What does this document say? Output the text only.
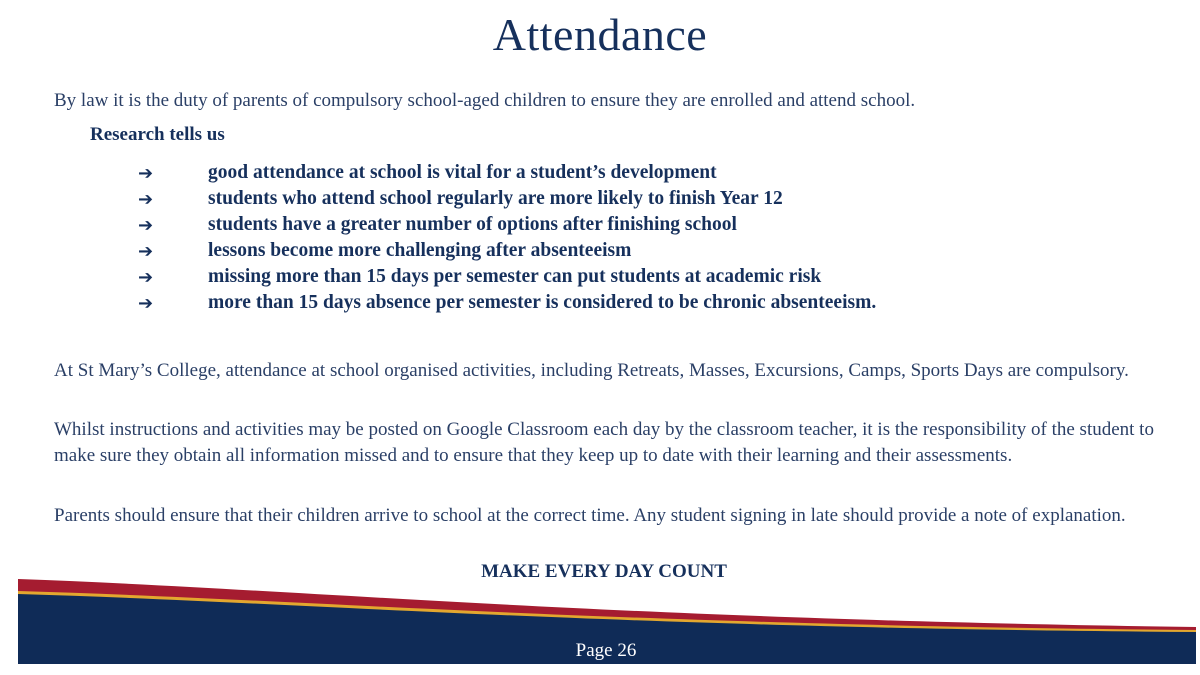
Attendance
By law it is the duty of parents of compulsory school-aged children to ensure they are enrolled and attend school.
Research tells us
➔	good attendance at school is vital for a student’s development
➔	students who attend school regularly are more likely to finish Year 12
➔	students have a greater number of options after finishing school
➔	lessons become more challenging after absenteeism
➔	missing more than 15 days per semester can put students at academic risk
➔	more than 15 days absence per semester is considered to be chronic absenteeism.

At St Mary’s College, attendance at school organised activities, including Retreats, Masses, Excursions, Camps, Sports Days are compulsory.

Whilst instructions and activities may be posted on Google Classroom each day by the classroom teacher, it is the responsibility of the student to make sure they obtain all information missed and to ensure that they keep up to date with their learning and their assessments.

Parents should ensure that their children arrive to school at the correct time. Any student signing in late should provide a note of explanation.

MAKE EVERY DAY COUNT
Page 26
